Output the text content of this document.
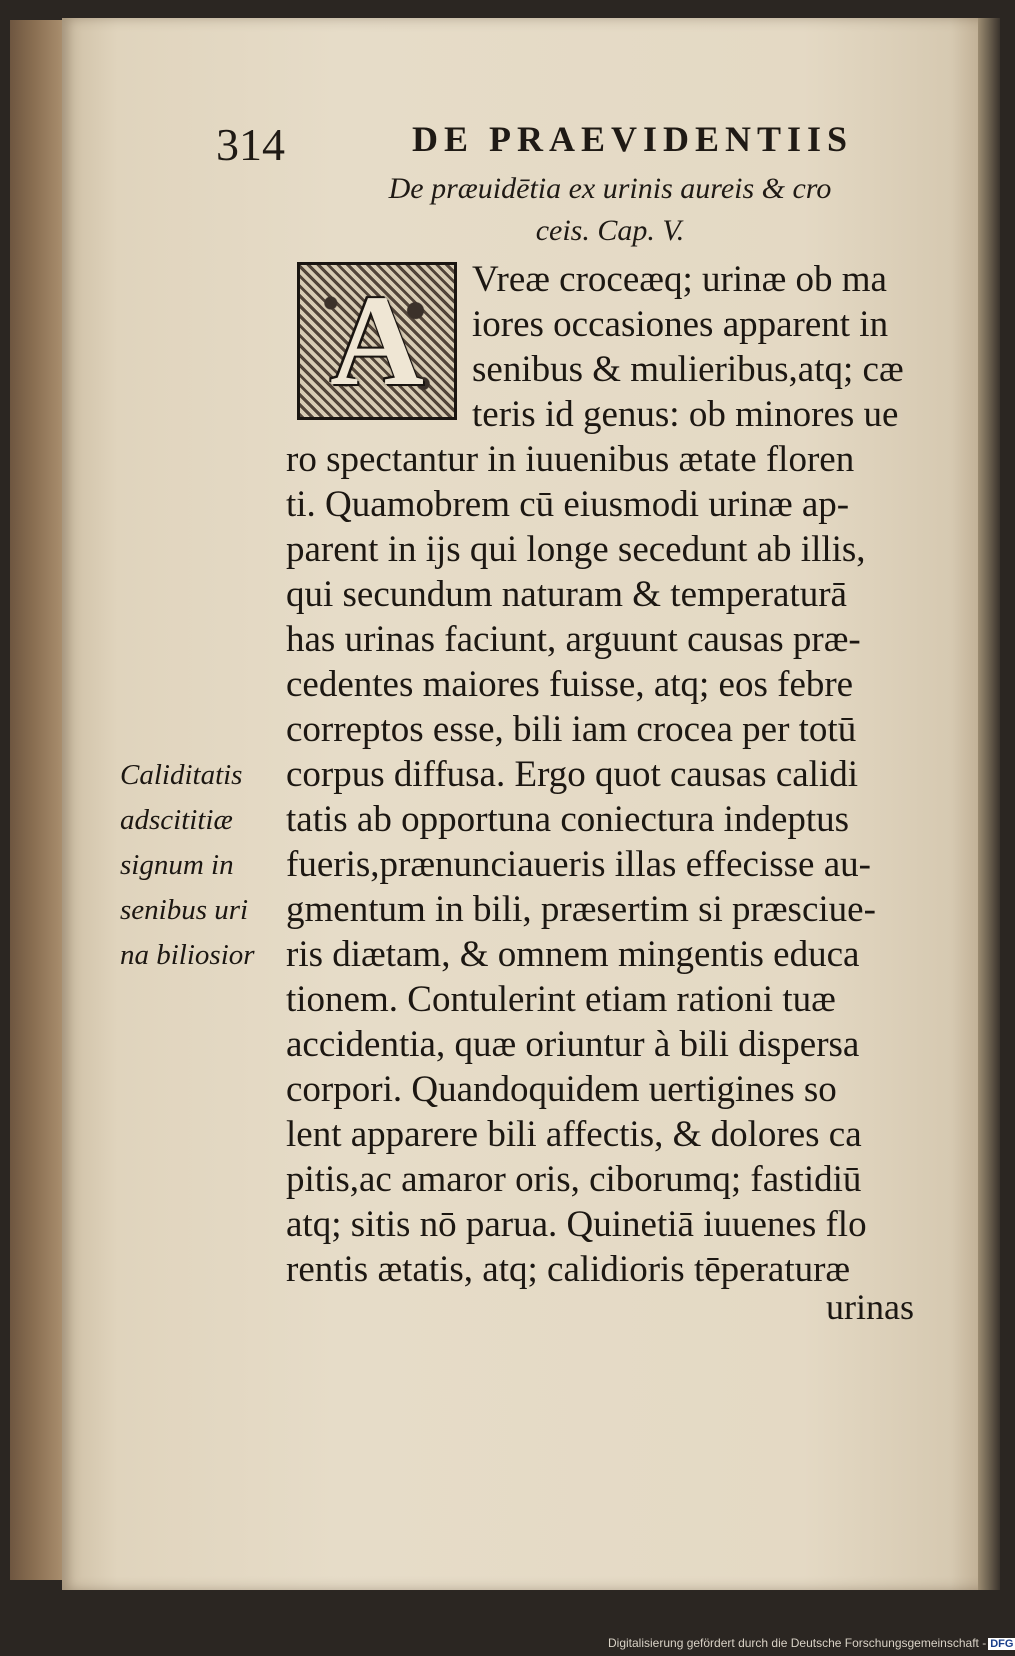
314	DE PRAEVIDENTIIS
De præuidētia ex urinis aureis & cro
ceis. Cap. V.
A	Vreæ croceæq; urinæ ob ma
iores occasiones apparent in
senibus & mulieribus,atq; cæ
teris id genus: ob minores ue
ro spectantur in iuuenibus ætate floren
ti. Quamobrem cū eiusmodi urinæ ap-
parent in ijs qui longe secedunt ab illis,
qui secundum naturam & temperaturā
has urinas faciunt, arguunt causas præ-
cedentes maiores fuisse, atq; eos febre
correptos esse, bili iam crocea per totū
corpus diffusa. Ergo quot causas calidi
tatis ab opportuna coniectura indeptus
fueris,prænunciaueris illas effecisse au-
gmentum in bili, præsertim si præsciue-
ris diætam, & omnem mingentis educa
tionem. Contulerint etiam rationi tuæ
accidentia, quæ oriuntur à bili dispersa
corpori. Quandoquidem uertigines so
lent apparere bili affectis, & dolores ca
pitis,ac amaror oris, ciborumq; fastidiū
atq; sitis nō parua. Quinetiā iuuenes flo
rentis ætatis, atq; calidioris tēperaturæ
urinas
Caliditatis
adscititiæ
signum in
senibus uri
na biliosior
Digitalisierung gefördert durch die Deutsche Forschungsgemeinschaft - DFG
